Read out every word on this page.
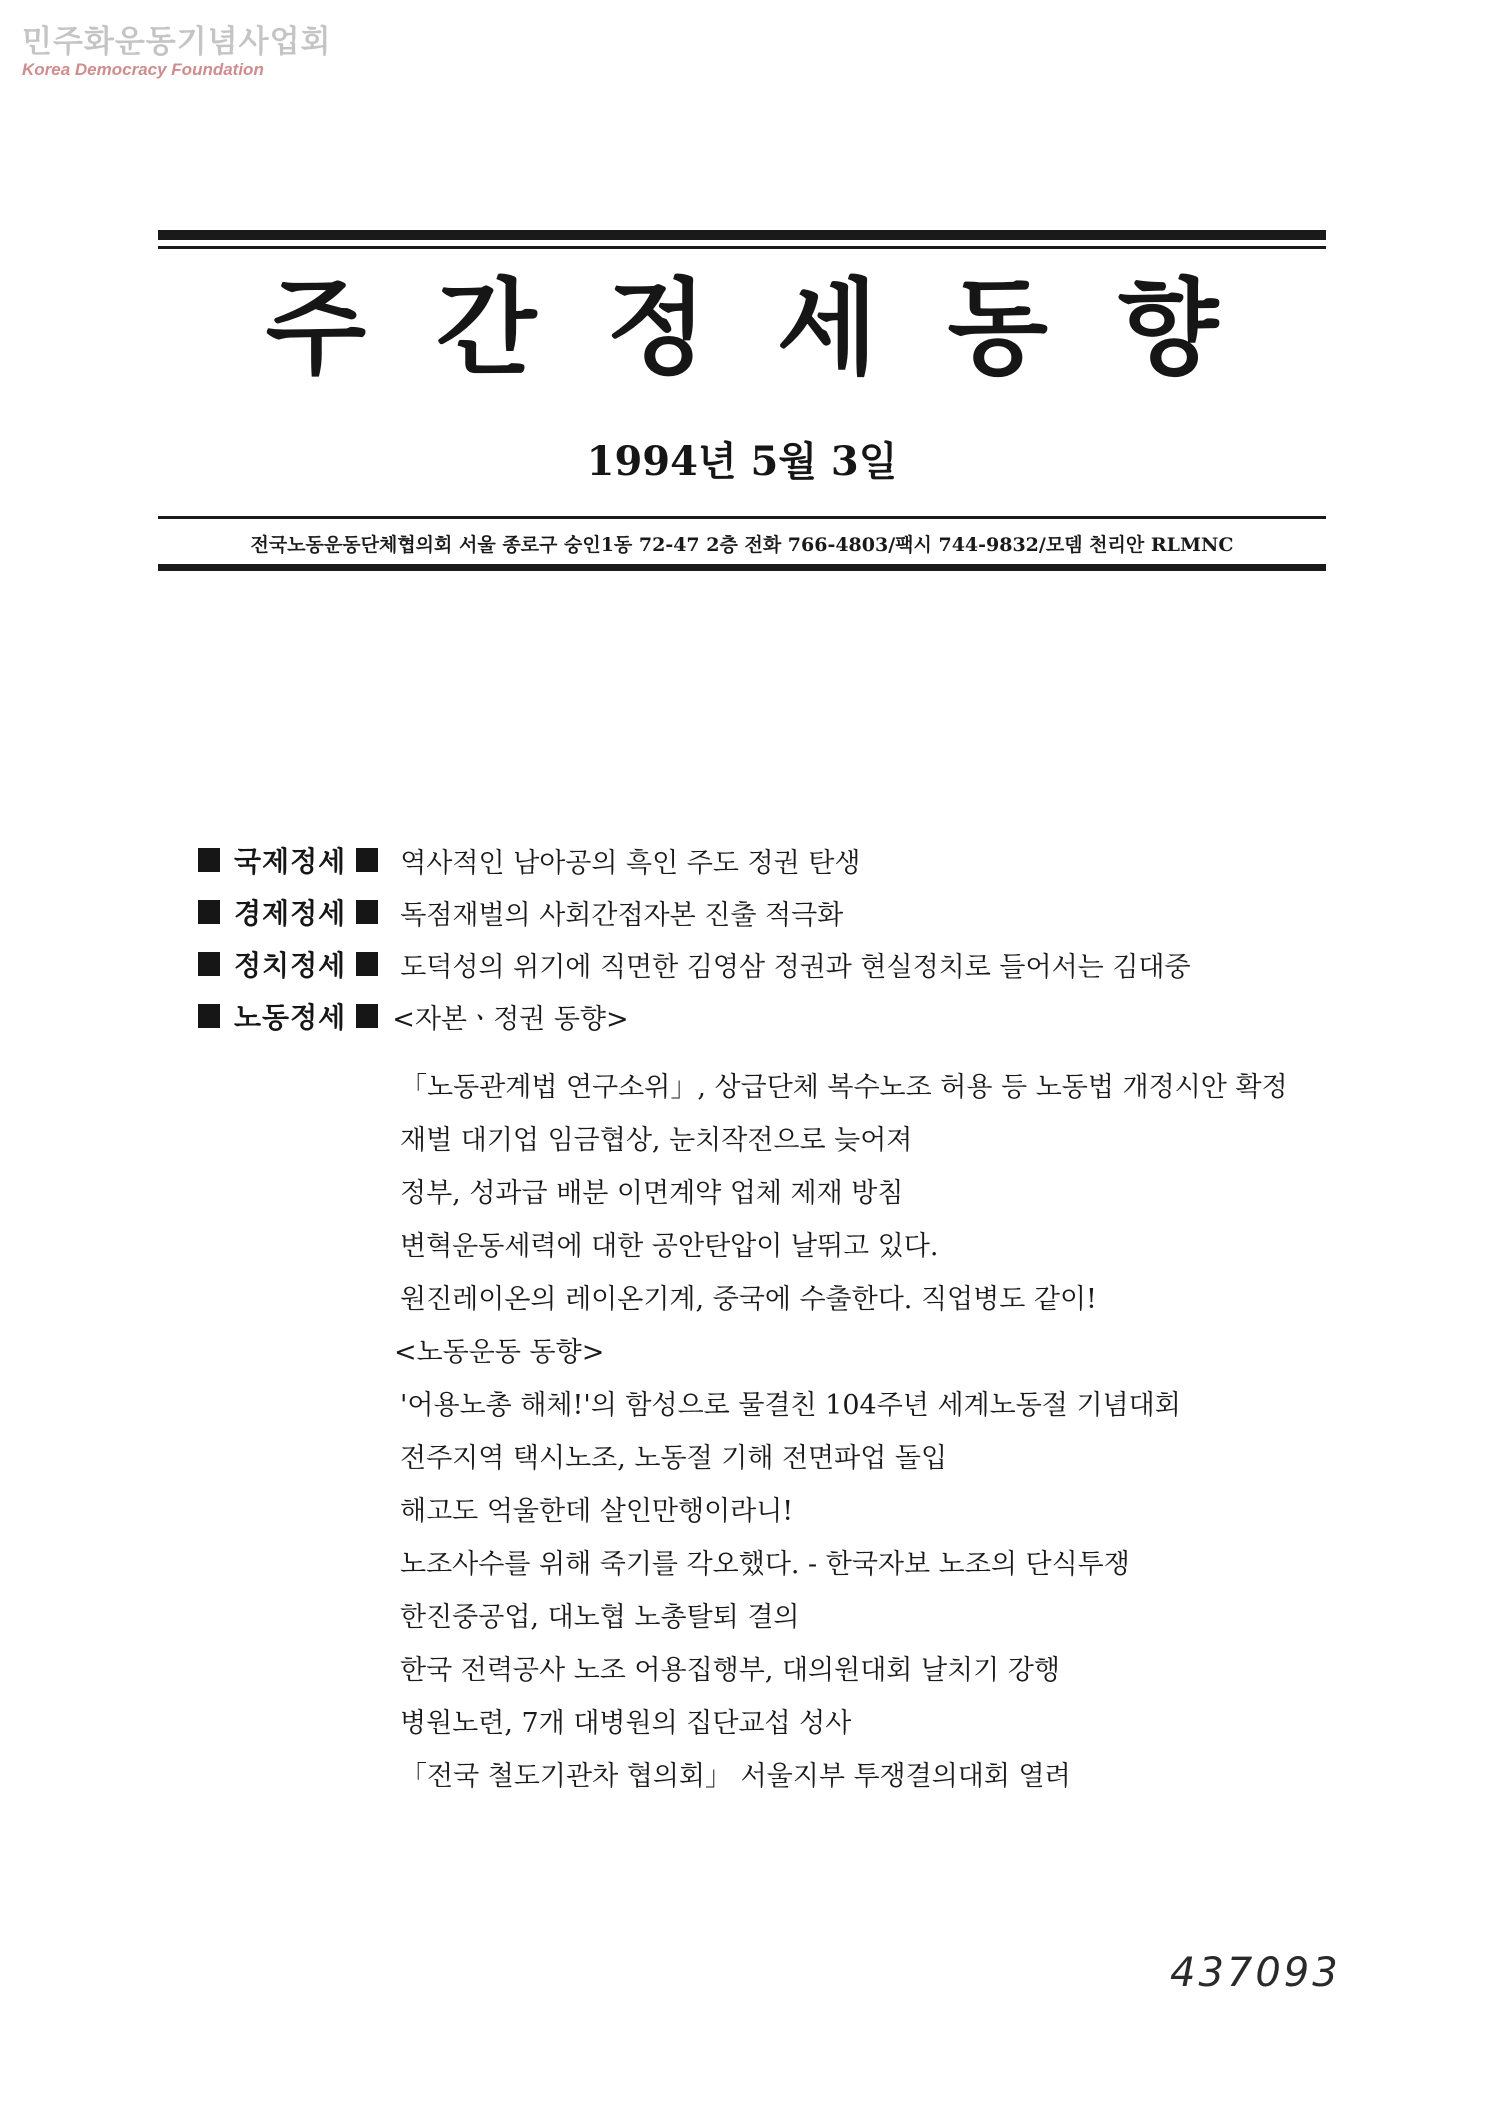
민주화운동기념사업회
Korea Democracy Foundation
주간정세동향
1994년 5월 3일
전국노동운동단체협의회 서울 종로구 숭인1동 72-47 2층 전화 766-4803/팩시 744-9832/모뎀 천리안 RLMNC
국제정세 역사적인 남아공의 흑인 주도 정권 탄생
경제정세 독점재벌의 사회간접자본 진출 적극화
정치정세 도덕성의 위기에 직면한 김영삼 정권과 현실정치로 들어서는 김대중
노동정세 <자본ㆍ정권 동향>
「노동관계법 연구소위」, 상급단체 복수노조 허용 등 노동법 개정시안 확정
재벌 대기업 임금협상, 눈치작전으로 늦어져
정부, 성과급 배분 이면계약 업체 제재 방침
변혁운동세력에 대한 공안탄압이 날뛰고 있다.
원진레이온의 레이온기계, 중국에 수출한다. 직업병도 같이!
<노동운동 동향>
'어용노총 해체!'의 함성으로 물결친 104주년 세계노동절 기념대회
전주지역 택시노조, 노동절 기해 전면파업 돌입
해고도 억울한데 살인만행이라니!
노조사수를 위해 죽기를 각오했다. - 한국자보 노조의 단식투쟁
한진중공업, 대노협 노총탈퇴 결의
한국 전력공사 노조 어용집행부, 대의원대회 날치기 강행
병원노련, 7개 대병원의 집단교섭 성사
「전국 철도기관차 협의회」 서울지부 투쟁결의대회 열려
437093
